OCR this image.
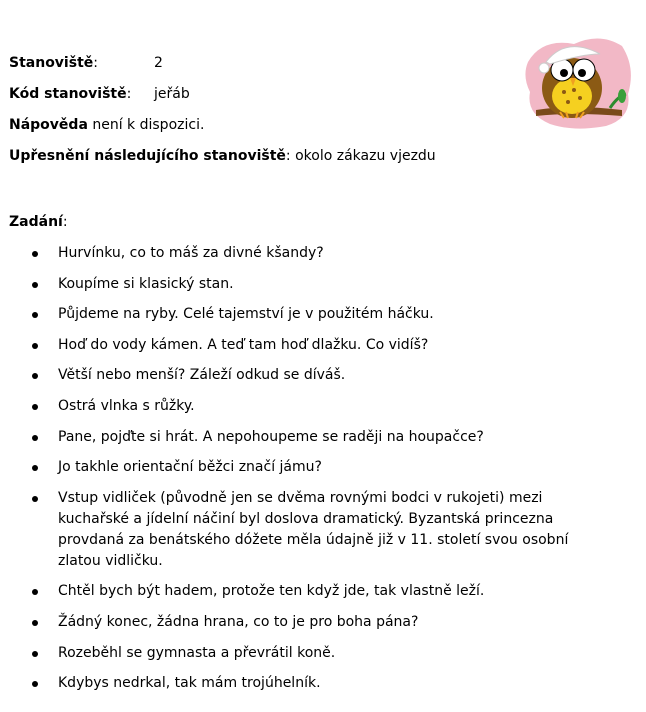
Stanoviště:	2
Kód stanoviště: jeřáb
Nápověda není k dispozici.
Upřesnění následujícího stanoviště: okolo zákazu vjezdu
Zadání:
Hurvínku, co to máš za divné kšandy?
Koupíme si klasický stan.
Půjdeme na ryby. Celé tajemství je v použitém háčku.
Hoď do vody kámen. A teď tam hoď dlažku. Co vidíš?
Větší nebo menší? Záleží odkud se díváš.
Ostrá vlnka s růžky.
Pane, pojďte si hrát. A nepohoupeme se raději na houpačce?
Jo takhle orientační běžci značí jámu?
Vstup vidliček (původně jen se dvěma rovnými bodci v rukojeti) mezi kuchařské a jídelní náčiní byl doslova dramatický. Byzantská princezna provdaná za benátského dóžete měla údajně již v 11. století svou osobní zlatou vidličku.
Chtěl bych být hadem, protože ten když jde, tak vlastně leží.
Žádný konec, žádna hrana, co to je pro boha pána?
Rozeběhl se gymnasta a převrátil koně.
Kdybys nedrkal, tak mám trojúhelník.
